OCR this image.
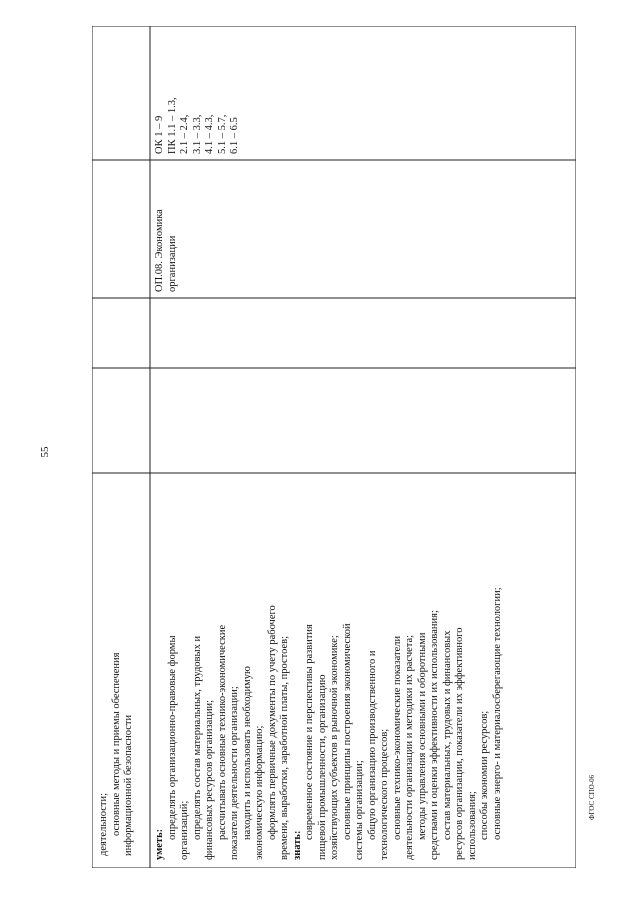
55
ФГОС СПО-06
деятельности; основные методы и приемы обеспечения информационной безопасности
ОП.08. Экономика организации
ОК 1 – 9 ПК 1.1 – 1.3, 2.1 – 2.4, 3.1 – 3.3, 4.1 – 4.3, 5.1 – 5.7, 6.1 – 6.5
уметь:
определять организационно-правовые формы организаций; определять состав материальных, трудовых и финансовых ресурсов организации; рассчитывать основные технико-экономические показатели деятельности организации; находить и использовать необходимую экономическую информацию; оформлять первичные документы по учету рабочего времени, выработки, заработной платы, простоев; знать:
современное состояние и перспективы развития пищевой промышленности, организацию хозяйствующих субъектов в рыночной экономике; основные принципы построения экономической системы организации; общую организацию производственного и технологического процессов; основные технико-экономические показатели деятельности организации и методики их расчета; методы управления основными и оборотными средствами и оценки эффективности их использования; состав материальных, трудовых и финансовых ресурсов организации, показатели их эффективного использования; способы экономии ресурсов; основные энерго- и материалосберегающие технологии;
